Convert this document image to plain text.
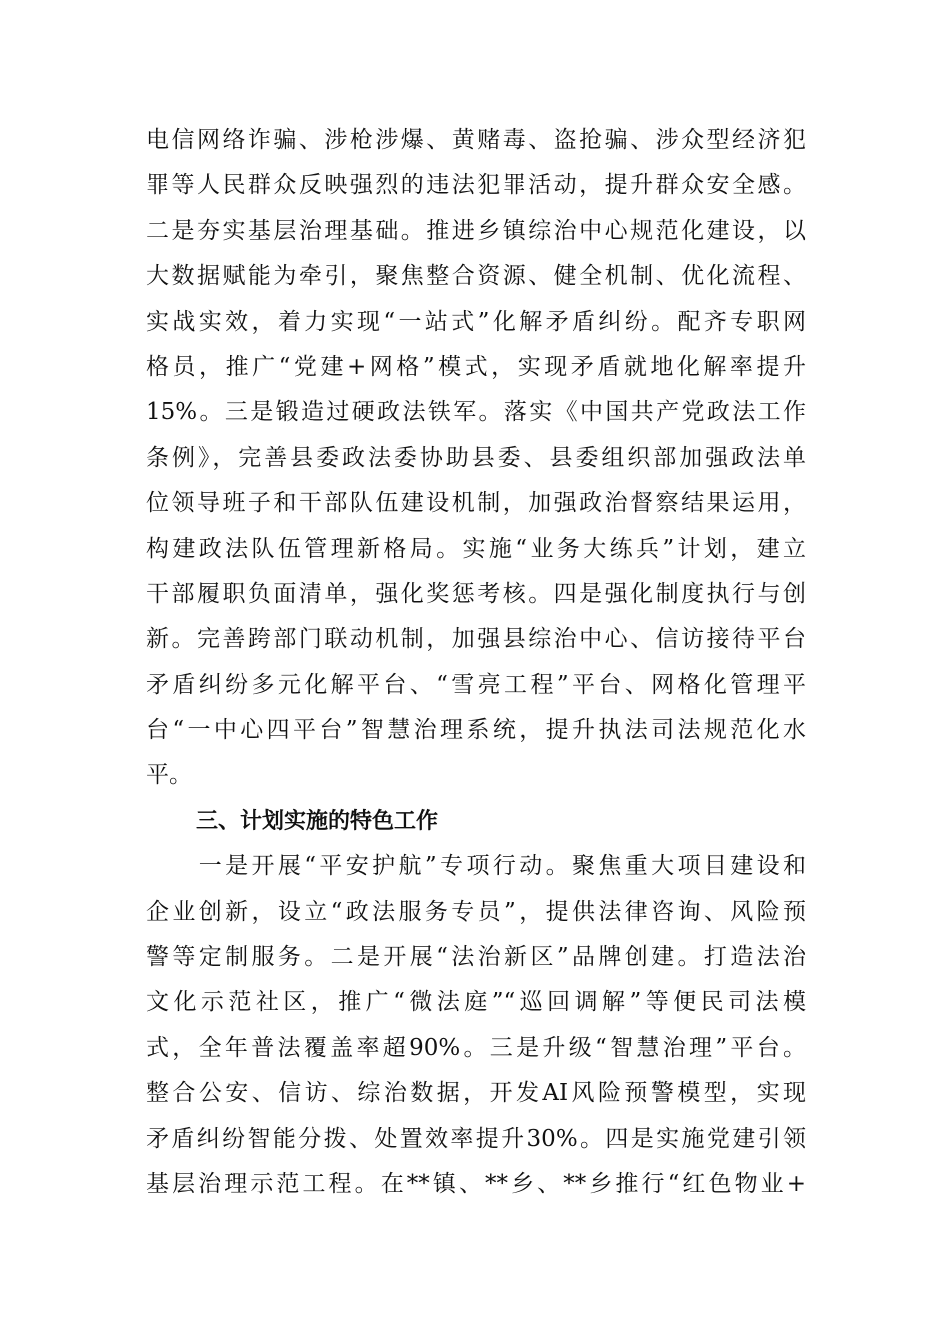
电信网络诈骗、涉枪涉爆、黄赌毒、盗抢骗、涉众型经济犯
罪等人民群众反映强烈的违法犯罪活动，提升群众安全感。
二是夯实基层治理基础。推进乡镇综治中心规范化建设，以
大数据赋能为牵引，聚焦整合资源、健全机制、优化流程、
实战实效，着力实现“一站式”化解矛盾纠纷。配齐专职网
格员，推广“党建+网格”模式，实现矛盾就地化解率提升
15%。三是锻造过硬政法铁军。落实《中国共产党政法工作
条例》，完善县委政法委协助县委、县委组织部加强政法单
位领导班子和干部队伍建设机制，加强政治督察结果运用，
构建政法队伍管理新格局。实施“业务大练兵”计划，建立
干部履职负面清单，强化奖惩考核。四是强化制度执行与创
新。完善跨部门联动机制，加强县综治中心、信访接待平台
矛盾纠纷多元化解平台、“雪亮工程”平台、网格化管理平
台“一中心四平台”智慧治理系统，提升执法司法规范化水
平。
三、计划实施的特色工作
　　一是开展“平安护航”专项行动。聚焦重大项目建设和
企业创新，设立“政法服务专员”，提供法律咨询、风险预
警等定制服务。二是开展“法治新区”品牌创建。打造法治
文化示范社区，推广“微法庭”“巡回调解”等便民司法模
式，全年普法覆盖率超90%。三是升级“智慧治理”平台。
整合公安、信访、综治数据，开发AI风险预警模型，实现
矛盾纠纷智能分拨、处置效率提升30%。四是实施党建引领
基层治理示范工程。在**镇、**乡、**乡推行“红色物业+
